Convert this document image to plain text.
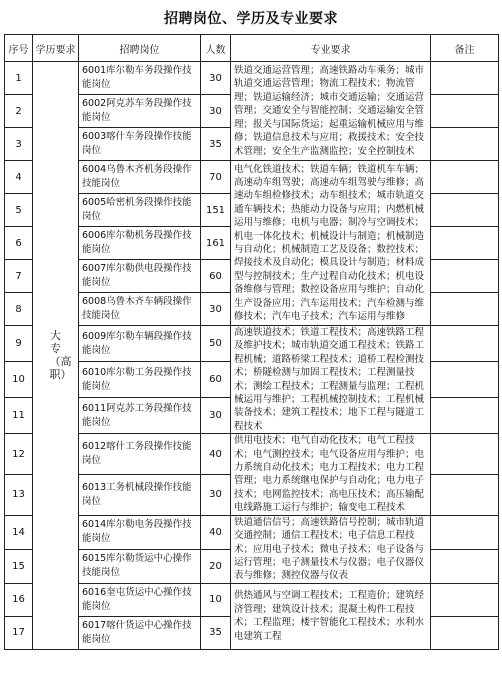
招聘岗位、学历及专业要求
序号	学历要求	招聘岗位	人数	专业要求	备注
1	大专（高职）	6001库尔勒车务段操作技能岗位	30	铁道交通运营管理；高速铁路动车乘务；城市轨道交通运营管理；物流工程技术；物流管理；铁道运输经济；城市交通运输；交通运营管理；交通安全与智能控制；交通运输安全管理；报关与国际货运；起重运输机械应用与维修；铁道信息技术与应用；救援技术；安全技术管理；安全生产监测监控；安全控制技术	
2		6002阿克苏车务段操作技能岗位	30		
3		6003喀什车务段操作技能岗位	35		
4		6004乌鲁木齐机务段操作技能岗位	70	电气化铁道技术；铁道车辆；铁道机车车辆；高速动车组驾驶；高速动车组驾驶与维修；高速动车组检修技术；动车组技术；城市轨道交通车辆技术；热能动力设备与应用；内燃机械运用与维修；电机与电器；制冷与空调技术；机电一体化技术；机械设计与制造；机械制造与自动化；机械制造工艺及设备；数控技术；焊接技术及自动化；模具设计与制造；材料成型与控制技术；生产过程自动化技术；机电设备维修与管理；数控设备应用与维护；自动化生产设备应用；汽车运用技术；汽车检测与维修技术；汽车电子技术；汽车运用与维修	
5		6005哈密机务段操作技能岗位	151		
6		6006库尔勒机务段操作技能岗位	161		
7		6007库尔勒供电段操作技能岗位	60		
8		6008乌鲁木齐车辆段操作技能岗位	30		
9		6009库尔勒车辆段操作技能岗位	50	高速铁道技术；铁道工程技术；高速铁路工程及维护技术；城市轨道交通工程技术；铁路工程机械；道路桥梁工程技术；道桥工程检测技术；桥隧检测与加固工程技术；工程测量技术；测绘工程技术；工程测量与监理；工程机械运用与维护；工程机械控制技术；工程机械装备技术；建筑工程技术；地下工程与隧道工程技术	
10		6010库尔勒工务段操作技能岗位	60		
11		6011阿克苏工务段操作技能岗位	30		
12		6012喀什工务段操作技能岗位	40	供用电技术；电气自动化技术；电气工程技术；电气测控技术；电气设备应用与维护；电力系统自动化技术；电力工程技术；电力工程管理；电力系统继电保护与自动化；电力电子技术；电网监控技术；高电压技术；高压输配电线路施工运行与维护；输变电工程技术	
13		6013工务机械段操作技能岗位	30		
14		6014库尔勒电务段操作技能岗位	40	铁道通信信号；高速铁路信号控制；城市轨道交通控制；通信工程技术；电子信息工程技术；应用电子技术；微电子技术；电子设备与运行管理；电子测量技术与仪器；电子仪器仪表与维修；测控仪器与仪表	
15		6015库尔勒货运中心操作技能岗位	20		
16		6016奎屯货运中心操作技能岗位	10	供热通风与空调工程技术；工程造价；建筑经济管理；建筑设计技术；混凝土构件工程技术；工程监理；楼宇智能化工程技术；水利水电建筑工程	
17		6017喀什货运中心操作技能岗位	35		
